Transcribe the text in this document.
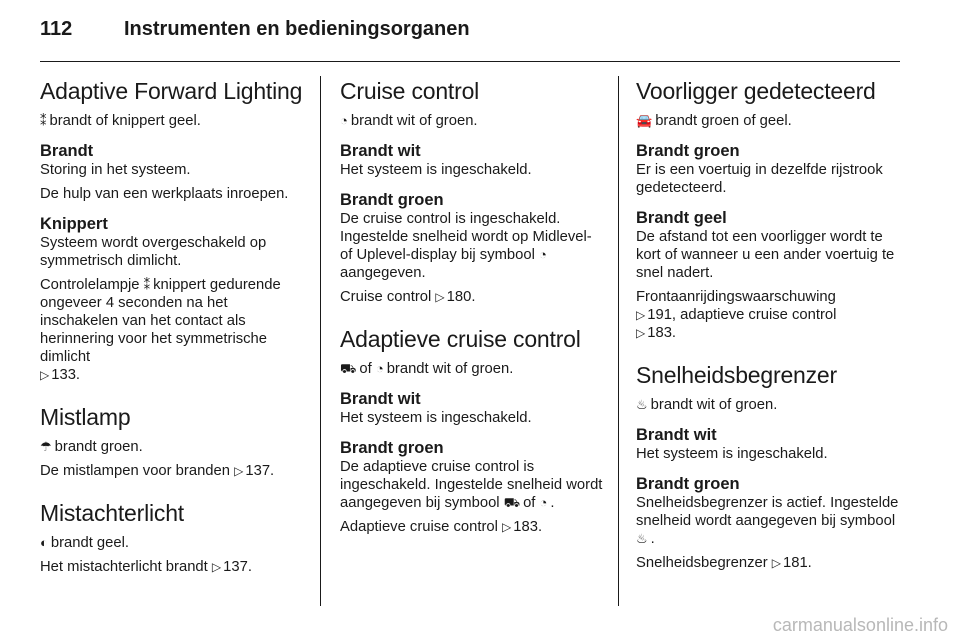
112	Instrumenten en bedieningsorganen
Adaptive Forward Lighting

⁑ brandt of knippert geel.

Brandt

Storing in het systeem.

De hulp van een werkplaats inroepen.

Knippert

Systeem wordt overgeschakeld op symmetrisch dimlicht.

Controlelampje ⁑ knippert gedurende ongeveer 4 seconden na het inschakelen van het contact als herinnering voor het symmetrische dimlicht
▷ 133.

Mistlamp

☂ brandt groen.

De mistlampen voor branden ▷ 137.

Mistachterlicht

◐ brandt geel.

Het mistachterlicht brandt ▷ 137.

Cruise control

◔ brandt wit of groen.

Brandt wit

Het systeem is ingeschakeld.

Brandt groen

De cruise control is ingeschakeld. Ingestelde snelheid wordt op Midlevel- of Uplevel-display bij symbool ◔aangegeven.

Cruise control ▷ 180.

Adaptieve cruise control

⛟ of ◔ brandt wit of groen.

Brandt wit

Het systeem is ingeschakeld.

Brandt groen

De adaptieve cruise control is ingeschakeld. Ingestelde snelheid wordt aangegeven bij symbool ⛟ of ◔ .

Adaptieve cruise control ▷ 183.

Voorligger gedetecteerd

🚘 brandt groen of geel.

Brandt groen

Er is een voertuig in dezelfde rijstrook gedetecteerd.

Brandt geel

De afstand tot een voorligger wordt te kort of wanneer u een ander voertuig te snel nadert.

Frontaanrijdingswaarschuwing
▷ 191, adaptieve cruise control
▷ 183.

Snelheidsbegrenzer

♨ brandt wit of groen.

Brandt wit

Het systeem is ingeschakeld.

Brandt groen

Snelheidsbegrenzer is actief. Ingestelde snelheid wordt aangegeven bij symbool ♨ .

Snelheidsbegrenzer ▷ 181.

carmanualsonline.info
